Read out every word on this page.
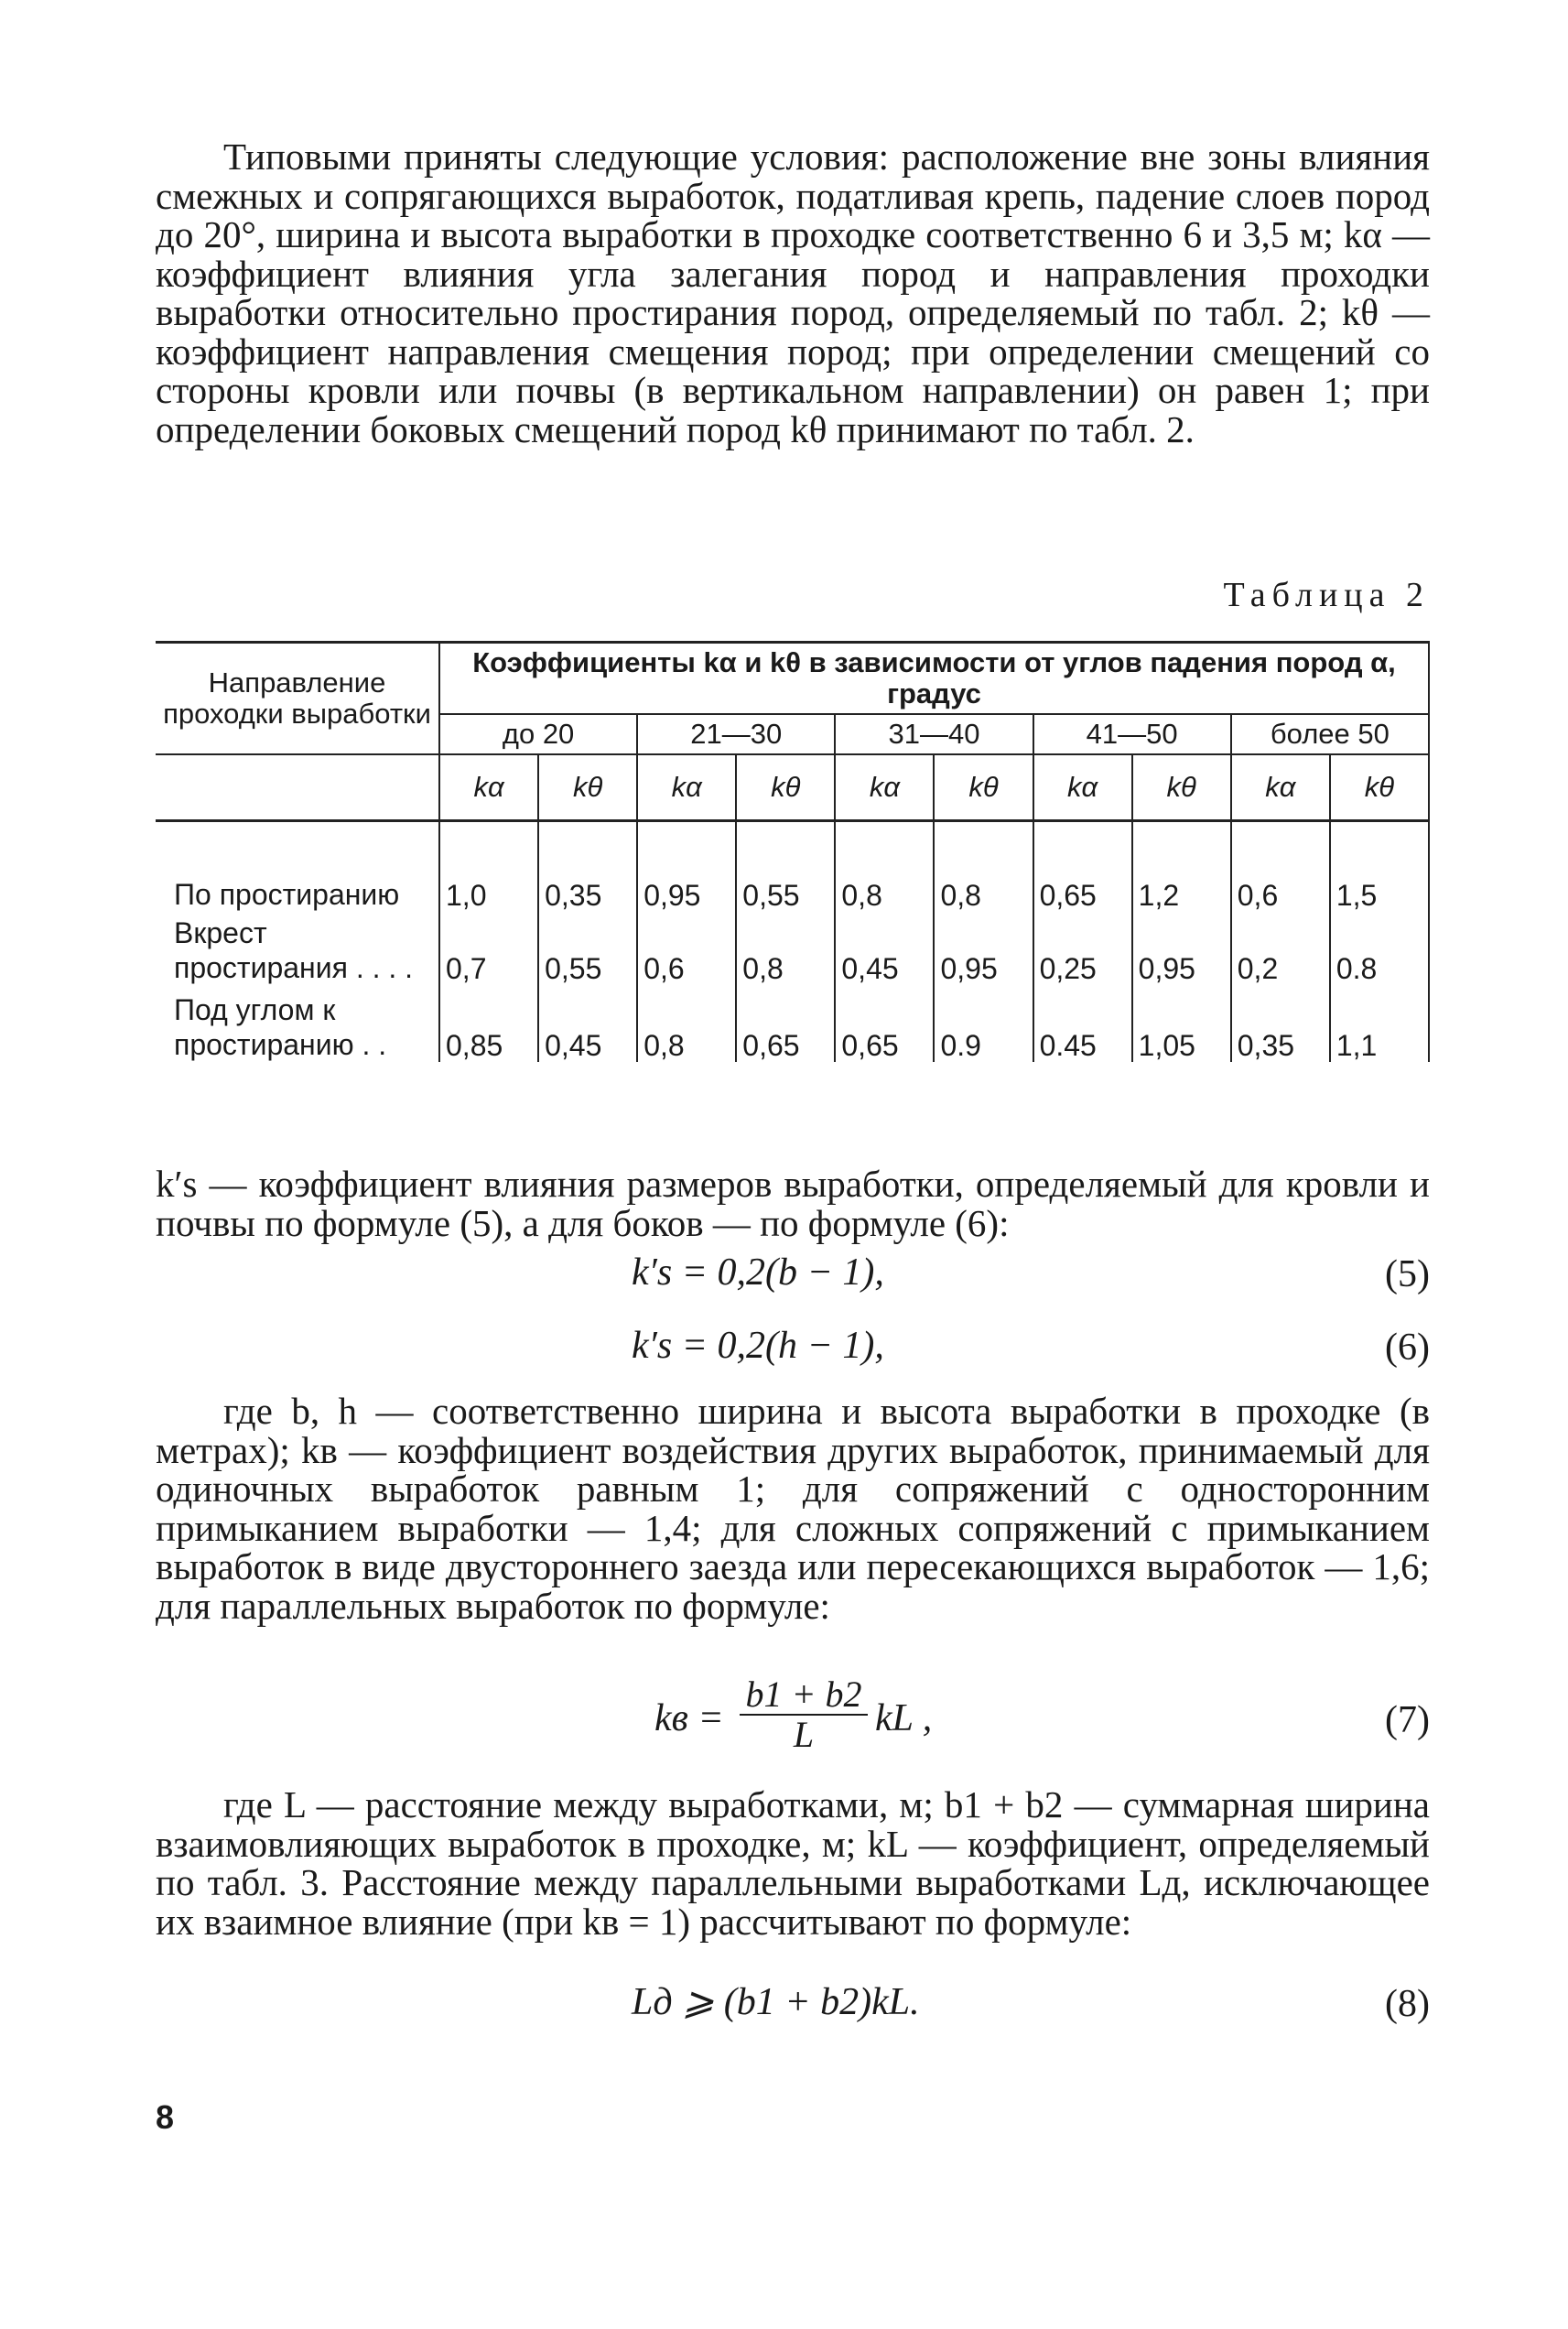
Типовыми приняты следующие условия: расположение вне зоны влияния смежных и сопрягающихся выработок, податливая крепь, падение слоев пород до 20°, ширина и высота выработки в проходке соответственно 6 и 3,5 м; kα — коэффициент влияния угла залегания пород и направления проходки выработки относительно простирания пород, определяемый по табл. 2; kθ — коэффициент направления смещения пород; при определении смещений со стороны кровли или почвы (в вертикальном направлении) он равен 1; при определении боковых смещений пород kθ принимают по табл. 2.

Таблица 2
Направление проходки выработки	Коэффициенты kα и kθ в зависимости от углов падения пород α, градус									
	до 20		21—30		31—40		41—50		более 50	
	kα	kθ	kα	kθ	kα	kθ	kα	kθ	kα	kθ
По простиранию	1,0	0,35	0,95	0,55	0,8	0,8	0,65	1,2	0,6	1,5
Вкрест простирания . . . .	0,7	0,55	0,6	0,8	0,45	0,95	0,25	0,95	0,2	0.8
Под углом к простиранию . .	0,85	0,45	0,8	0,65	0,65	0.9	0.45	1,05	0,35	1,1

k′s — коэффициент влияния размеров выработки, определяемый для кровли и почвы по формуле (5), а для боков — по формуле (6):

k′s = 0,2(b − 1),	(5)
k′s = 0,2(h − 1),	(6)

где b, h — соответственно ширина и высота выработки в проходке (в метрах); kв — коэффициент воздействия других выработок, принимаемый для одиночных выработок равным 1; для сопряжений с односторонним примыканием выработки — 1,4; для сложных сопряжений с примыканием выработок в виде двустороннего заезда или пересекающихся выработок — 1,6; для параллельных выработок по формуле:

kв = $\frac{b1 + b2}{L}$ kL ,	(7)

где L — расстояние между выработками, м; b1 + b2 — суммарная ширина взаимовлияющих выработок в проходке, м; kL — коэффициент, определяемый по табл. 3. Расстояние между параллельными выработками Lд, исключающее их взаимное влияние (при kв = 1) рассчитывают по формуле:

Lд ⩾ (b1 + b2)kL.	(8)
8
